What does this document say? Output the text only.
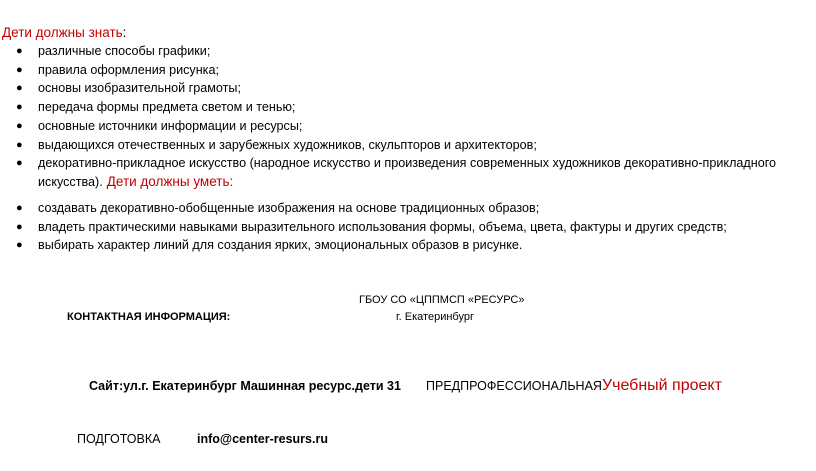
Дети должны знать:
● различные способы графики;
● правила оформления рисунка;
● основы изобразительной грамоты;
● передача формы предмета светом и тенью;
● основные источники информации и ресурсы;
● выдающихся отечественных и зарубежных художников, скульпторов и архитекторов;
● декоративно-прикладное искусство (народное искусство и произведения современных художников декоративно-прикладного искусства). Дети должны уметь:
● создавать декоративно-обобщенные изображения на основе традиционных образов;
● владеть практическими навыками выразительного использования формы, объема, цвета, фактуры и других средств;
● выбирать характер линий для создания ярких, эмоциональных образов в рисунке.
ГБОУ СО «ЦППМСП «РЕСУРС»
КОНТАКТНАЯ ИНФОРМАЦИЯ:	г. Екатеринбург
Сайт:ул.г. Екатеринбург Машинная ресурс.дети 31 ПРЕДПРОФЕССИОНАЛЬНАЯУчебный проект
ПОДГОТОВКА	info@center-resurs.ru
